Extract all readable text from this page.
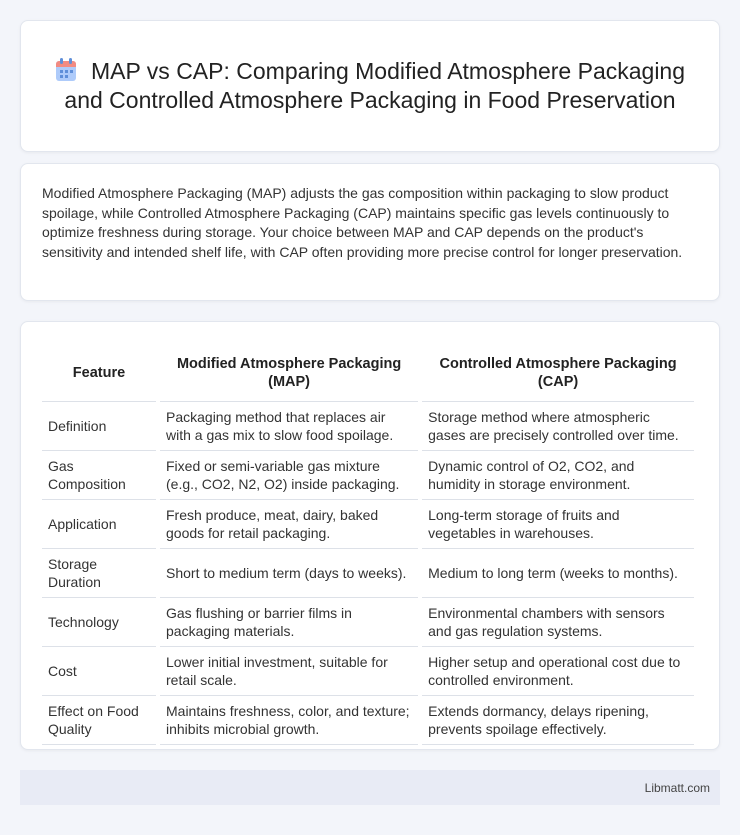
MAP vs CAP: Comparing Modified Atmosphere Packaging and Controlled Atmosphere Packaging in Food Preservation

Modified Atmosphere Packaging (MAP) adjusts the gas composition within packaging to slow product spoilage, while Controlled Atmosphere Packaging (CAP) maintains specific gas levels continuously to optimize freshness during storage. Your choice between MAP and CAP depends on the product's sensitivity and intended shelf life, with CAP often providing more precise control for longer preservation.

Feature	Modified Atmosphere Packaging (MAP)	Controlled Atmosphere Packaging (CAP)
Definition	Packaging method that replaces air with a gas mix to slow food spoilage.	Storage method where atmospheric gases are precisely controlled over time.
Gas Composition	Fixed or semi-variable gas mixture (e.g., CO2, N2, O2) inside packaging.	Dynamic control of O2, CO2, and humidity in storage environment.
Application	Fresh produce, meat, dairy, baked goods for retail packaging.	Long-term storage of fruits and vegetables in warehouses.
Storage Duration	Short to medium term (days to weeks).	Medium to long term (weeks to months).
Technology	Gas flushing or barrier films in packaging materials.	Environmental chambers with sensors and gas regulation systems.
Cost	Lower initial investment, suitable for retail scale.	Higher setup and operational cost due to controlled environment.
Effect on Food Quality	Maintains freshness, color, and texture; inhibits microbial growth.	Extends dormancy, delays ripening, prevents spoilage effectively.
Libmatt.com
